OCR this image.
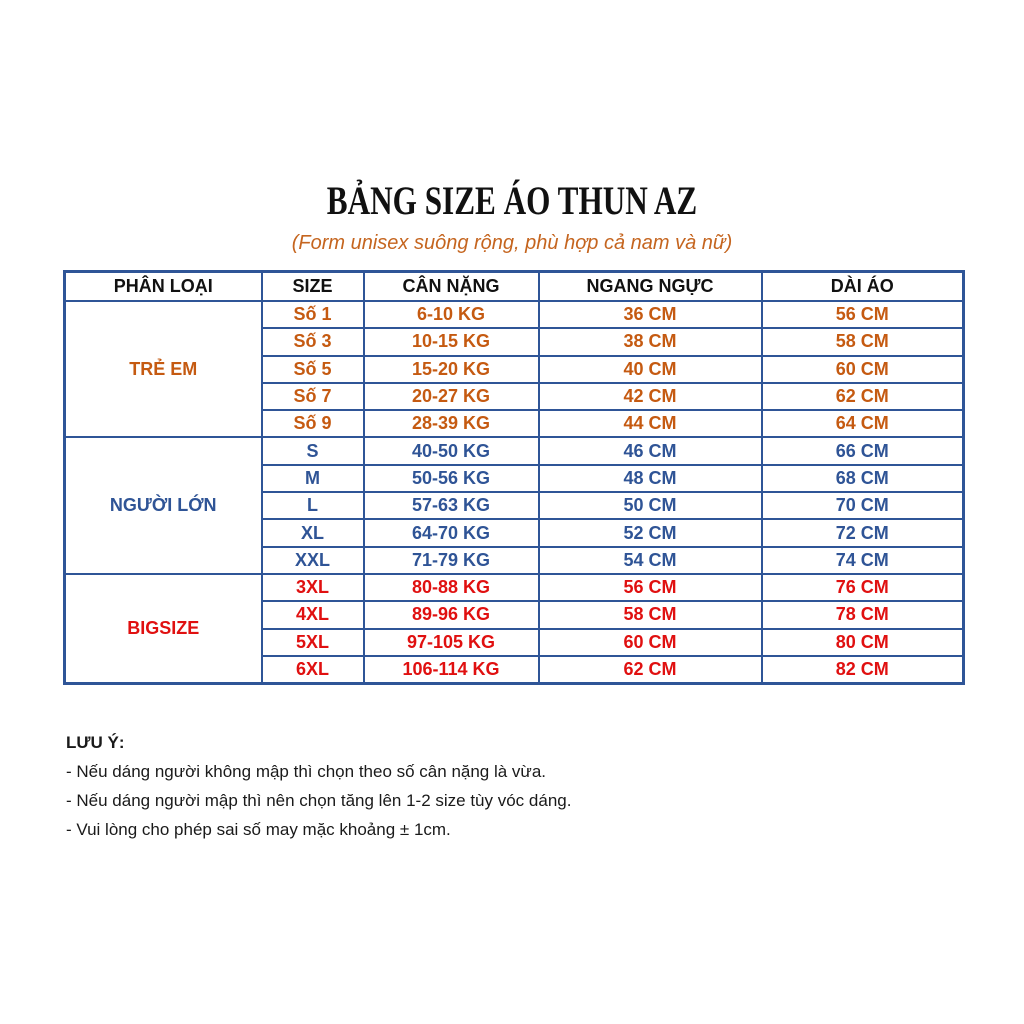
BẢNG SIZE ÁO THUN AZ
(Form unisex suông rộng, phù hợp cả nam và nữ)
PHÂN LOẠI	SIZE	CÂN NẶNG	NGANG NGỰC	DÀI ÁO
TRẺ EM	Số 1	6-10 KG	36 CM	56 CM
	Số 3	10-15 KG	38 CM	58 CM
	Số 5	15-20 KG	40 CM	60 CM
	Số 7	20-27 KG	42 CM	62 CM
	Số 9	28-39 KG	44 CM	64 CM
NGƯỜI LỚN	S	40-50 KG	46 CM	66 CM
	M	50-56 KG	48 CM	68 CM
	L	57-63 KG	50 CM	70 CM
	XL	64-70 KG	52 CM	72 CM
	XXL	71-79 KG	54 CM	74 CM
BIGSIZE	3XL	80-88 KG	56 CM	76 CM
	4XL	89-96 KG	58 CM	78 CM
	5XL	97-105 KG	60 CM	80 CM
	6XL	106-114 KG	62 CM	82 CM
LƯU Ý:
- Nếu dáng người không mập thì chọn theo số cân nặng là vừa.
- Nếu dáng người mập thì nên chọn tăng lên 1-2 size tùy vóc dáng.
- Vui lòng cho phép sai số may mặc khoảng ± 1cm.
